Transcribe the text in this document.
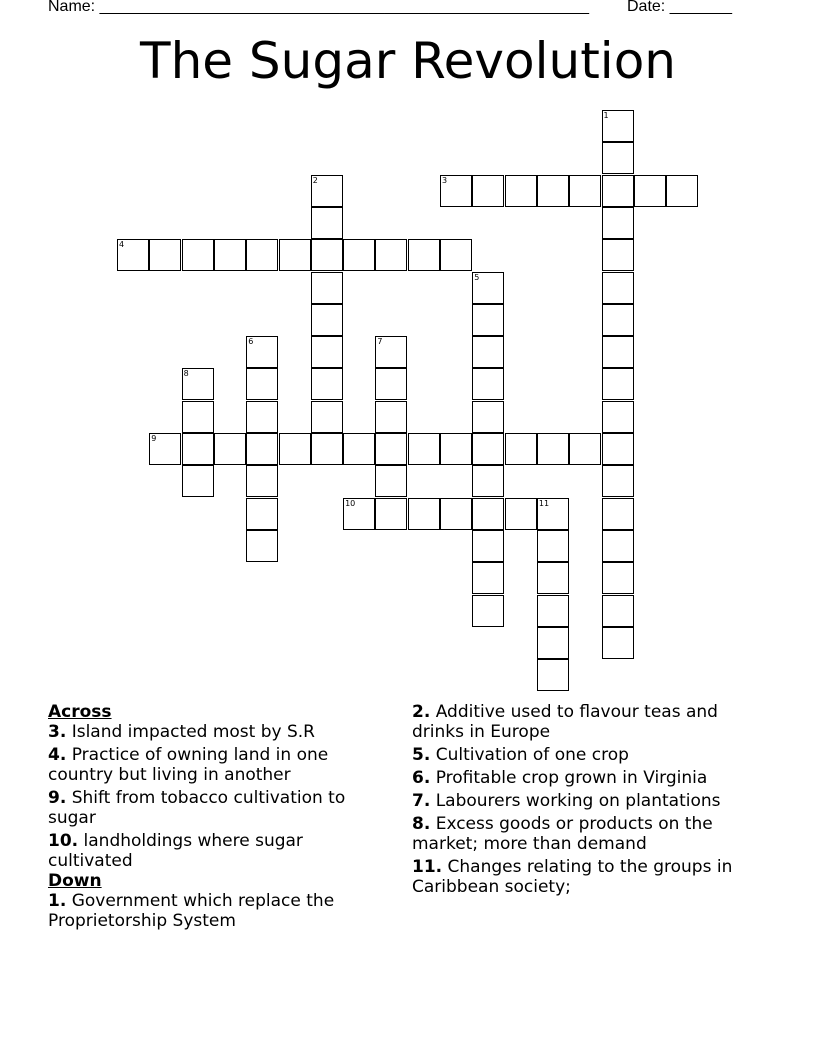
Name: _______________________________________________________ Date: _______
The Sugar Revolution
1
2	3
4
5
6	7
8
9
10	11
Across
3. Island impacted most by S.R
4. Practice of owning land in one country but living in another
9. Shift from tobacco cultivation to sugar
10. landholdings where sugar cultivated
Down
1. Government which replace the Proprietorship System
2. Additive used to flavour teas and drinks in Europe
5. Cultivation of one crop
6. Profitable crop grown in Virginia
7. Labourers working on plantations
8. Excess goods or products on the market; more than demand
11. Changes relating to the groups in Caribbean society;
